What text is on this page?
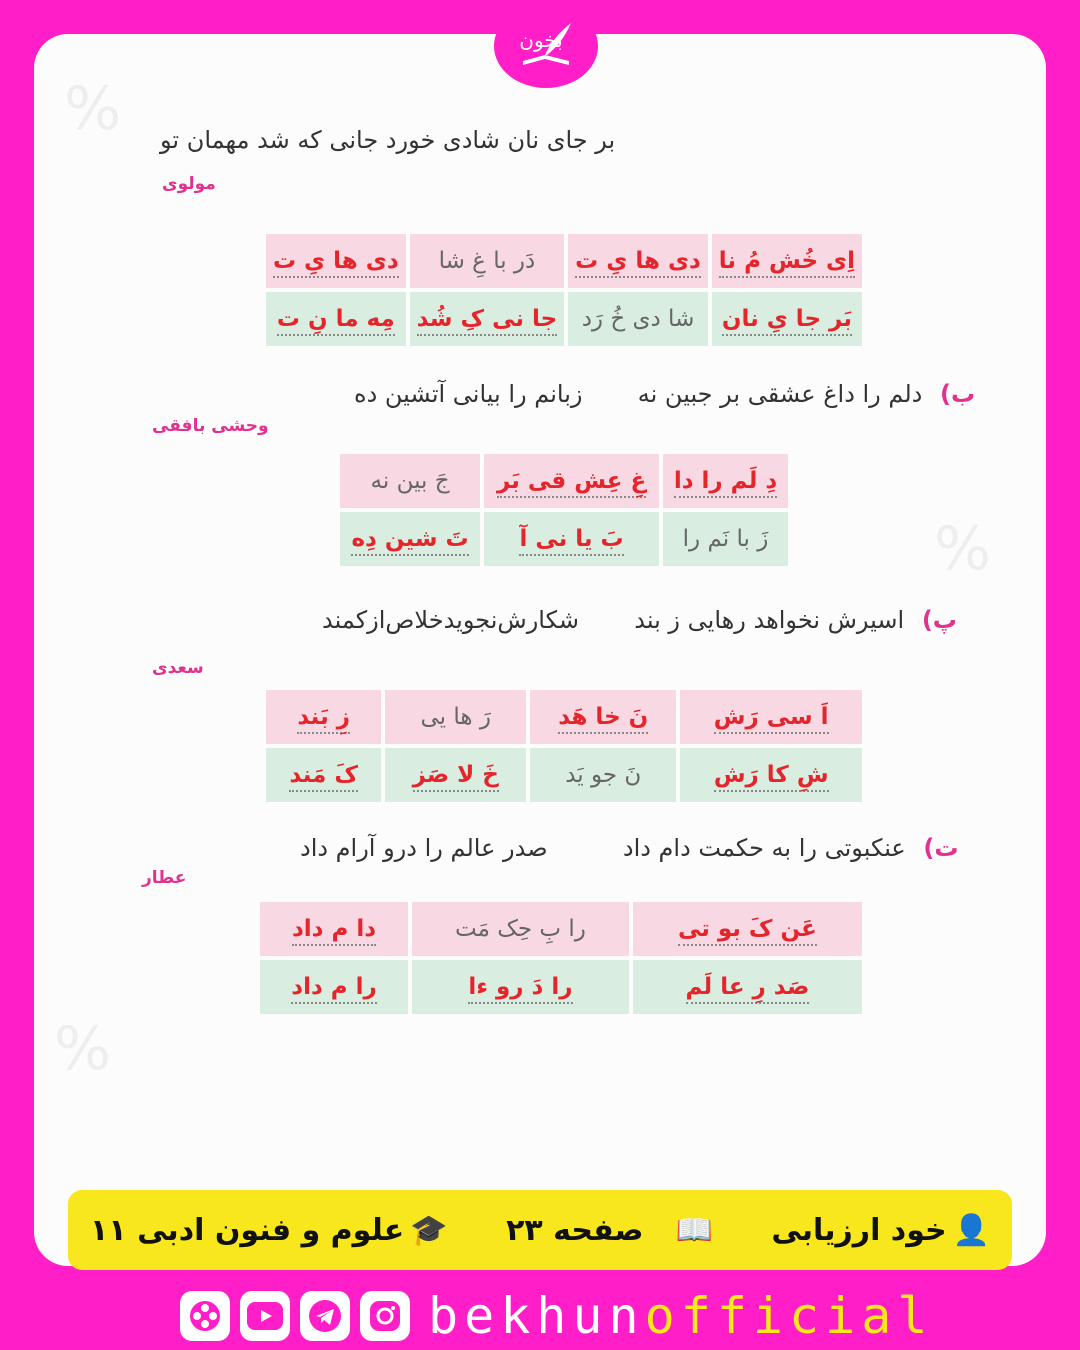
%
%
%
بر جای نان شادی خورد جانی که شد مهمان تو
مولوی
اِی خُش مُ نا	دی ها یِ ت	دَر با غِ شا	دی ها یِ ت
بَر جا یِ نان	شا دی خُ رَد	جا نی کِ شُد	مِه ما نِ ت
ب) دلم را داغ عشقی بر جبین نه  زبانم را بیانی آتشین ده
وحشی بافقی
دِ لَم را دا	غِ عِش قی بَر	جَ بین نه
زَ با نَم را	بَ یا نی آ	تَ شین دِه
پ) اسیرش نخواهد رهایی ز بند  شکارش‌نجوید‌خلاص‌از‌کمند
سعدی
اَ سی رَش	نَ خا هَد	رَ ها یی	زِ بَند
شِ کا رَش	نَ جو یَد	خَ لا صَز	کَ مَند
ت) عنکبوتی را به حکمت دام داد  صدر عالم را درو آرام داد
عطار
عَن کَ بو تی	را بِ حِک مَت	دا م داد
صَد رِ عا لَم	را دَ رو ءا	را م داد
بخون
👤
خود ارزیابی
📖
صفحه ۲۳
🎓
علوم و فنون ادبی ۱۱
bekhunofficial
